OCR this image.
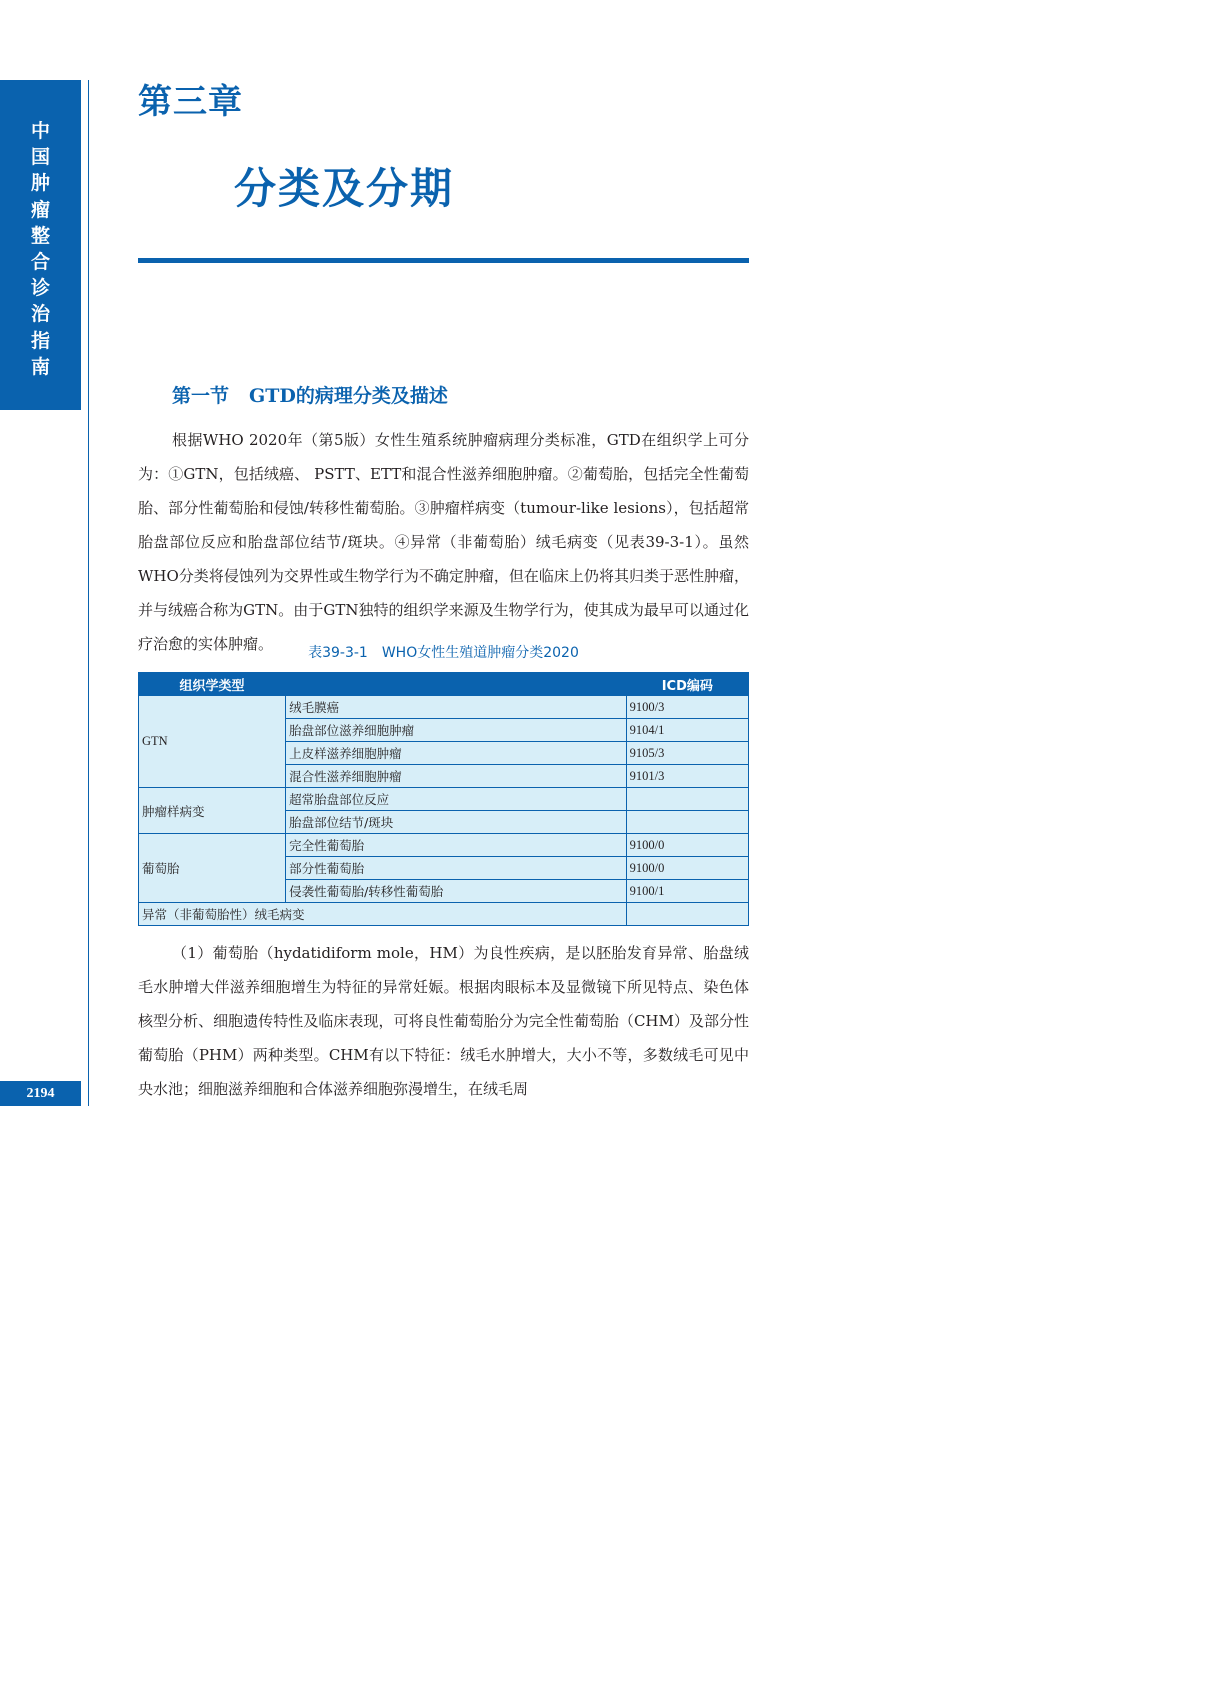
中
国
肿
瘤
整
合
诊
治
指
南
2194
第三章
分类及分期
第一节 GTD的病理分类及描述
根据WHO 2020年（第5版）女性生殖系统肿瘤病理分类标准，GTD在组织学上可分为：①GTN，包括绒癌、 PSTT、ETT和混合性滋养细胞肿瘤。②葡萄胎，包括完全性葡萄胎、部分性葡萄胎和侵蚀/转移性葡萄胎。③肿瘤样病变（tumour-like lesions），包括超常胎盘部位反应和胎盘部位结节/斑块。④异常（非葡萄胎）绒毛病变（见表39-3-1）。虽然WHO分类将侵蚀列为交界性或生物学行为不确定肿瘤，但在临床上仍将其归类于恶性肿瘤，并与绒癌合称为GTN。由于GTN独特的组织学来源及生物学行为，使其成为最早可以通过化疗治愈的实体肿瘤。	表39-3-1　WHO女性生殖道肿瘤分类2020
组织学类型		ICD编码
GTN	绒毛膜癌	9100/3
	胎盘部位滋养细胞肿瘤	9104/1
	上皮样滋养细胞肿瘤	9105/3
	混合性滋养细胞肿瘤	9101/3
肿瘤样病变	超常胎盘部位反应	
	胎盘部位结节/斑块	
葡萄胎	完全性葡萄胎	9100/0
	部分性葡萄胎	9100/0
	侵袭性葡萄胎/转移性葡萄胎	9100/1
异常（非葡萄胎性）绒毛病变		
（1）葡萄胎（hydatidiform mole，HM）为良性疾病，是以胚胎发育异常、胎盘绒毛水肿增大伴滋养细胞增生为特征的异常妊娠。根据肉眼标本及显微镜下所见特点、染色体核型分析、细胞遗传特性及临床表现，可将良性葡萄胎分为完全性葡萄胎（CHM）及部分性葡萄胎（PHM）两种类型。CHM有以下特征：绒毛水肿增大，大小不等，多数绒毛可见中央水池；细胞滋养细胞和合体滋养细胞弥漫增生，在绒毛周
